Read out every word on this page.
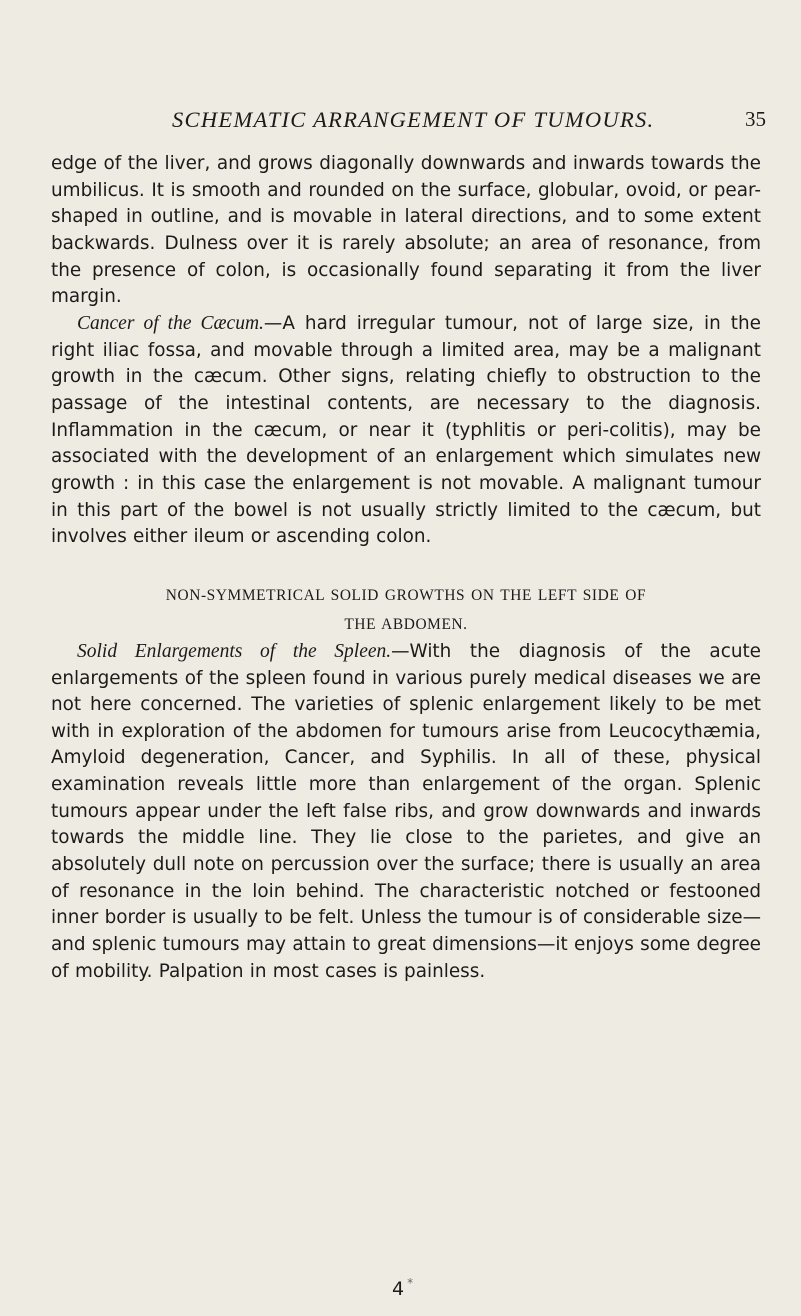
SCHEMATIC ARRANGEMENT OF TUMOURS.	35

edge of the liver, and grows diagonally downwards and inwards towards the umbilicus. It is smooth and rounded on the surface, globular, ovoid, or pear-shaped in outline, and is movable in lateral directions, and to some extent backwards. Dulness over it is rarely absolute; an area of resonance, from the presence of colon, is occasionally found separating it from the liver margin.

Cancer of the Cæcum.—A hard irregular tumour, not of large size, in the right iliac fossa, and movable through a limited area, may be a malignant growth in the cæcum. Other signs, relating chiefly to obstruction to the passage of the intestinal contents, are necessary to the diagnosis. Inflammation in the cæcum, or near it (typhlitis or peri-colitis), may be associated with the development of an enlargement which simulates new growth : in this case the enlargement is not movable. A malignant tumour in this part of the bowel is not usually strictly limited to the cæcum, but involves either ileum or ascending colon.

NON-SYMMETRICAL SOLID GROWTHS ON THE LEFT SIDE OF
THE ABDOMEN.

Solid Enlargements of the Spleen.—With the diagnosis of the acute enlargements of the spleen found in various purely medical diseases we are not here concerned. The varieties of splenic enlargement likely to be met with in exploration of the abdomen for tumours arise from Leucocythæmia, Amyloid degeneration, Cancer, and Syphilis. In all of these, physical examination reveals little more than enlargement of the organ. Splenic tumours appear under the left false ribs, and grow downwards and inwards towards the middle line. They lie close to the parietes, and give an absolutely dull note on percussion over the surface; there is usually an area of resonance in the loin behind. The characteristic notched or festooned inner border is usually to be felt. Unless the tumour is of considerable size—and splenic tumours may attain to great dimensions—it enjoys some degree of mobility. Palpation in most cases is painless.

4 *
